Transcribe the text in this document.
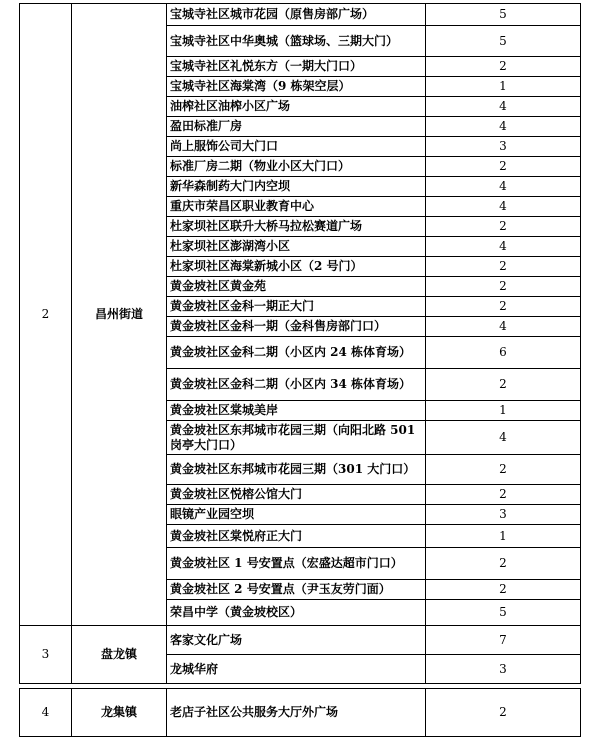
2	昌州街道	宝城寺社区城市花园（原售房部广场）	5
		宝城寺社区中华奥城（篮球场、三期大门）	5
		宝城寺社区礼悦东方（一期大门口）	2
		宝城寺社区海棠湾（9 栋架空层）	1
		油榨社区油榨小区广场	4
		盈田标准厂房	4
		尚上服饰公司大门口	3
		标准厂房二期（物业小区大门口）	2
		新华森制药大门内空坝	4
		重庆市荣昌区职业教育中心	4
		杜家坝社区联升大桥马拉松赛道广场	2
		杜家坝社区澎湖湾小区	4
		杜家坝社区海棠新城小区（2 号门）	2
		黄金坡社区黄金苑	2
		黄金坡社区金科一期正大门	2
		黄金坡社区金科一期（金科售房部门口）	4
		黄金坡社区金科二期（小区内 24 栋体育场）	6
		黄金坡社区金科二期（小区内 34 栋体育场）	2
		黄金坡社区棠城美岸	1
		黄金坡社区东邦城市花园三期（向阳北路 501 岗亭大门口）	4
		黄金坡社区东邦城市花园三期（301 大门口）	2
		黄金坡社区悦榕公馆大门	2
		眼镜产业园空坝	3
		黄金坡社区棠悦府正大门	1
		黄金坡社区 1 号安置点（宏盛达超市门口）	2
		黄金坡社区 2 号安置点（尹玉友劳门面）	2
		荣昌中学（黄金坡校区）	5
3	盘龙镇	客家文化广场	7
		龙城华府	3

4	龙集镇	老店子社区公共服务大厅外广场	2
